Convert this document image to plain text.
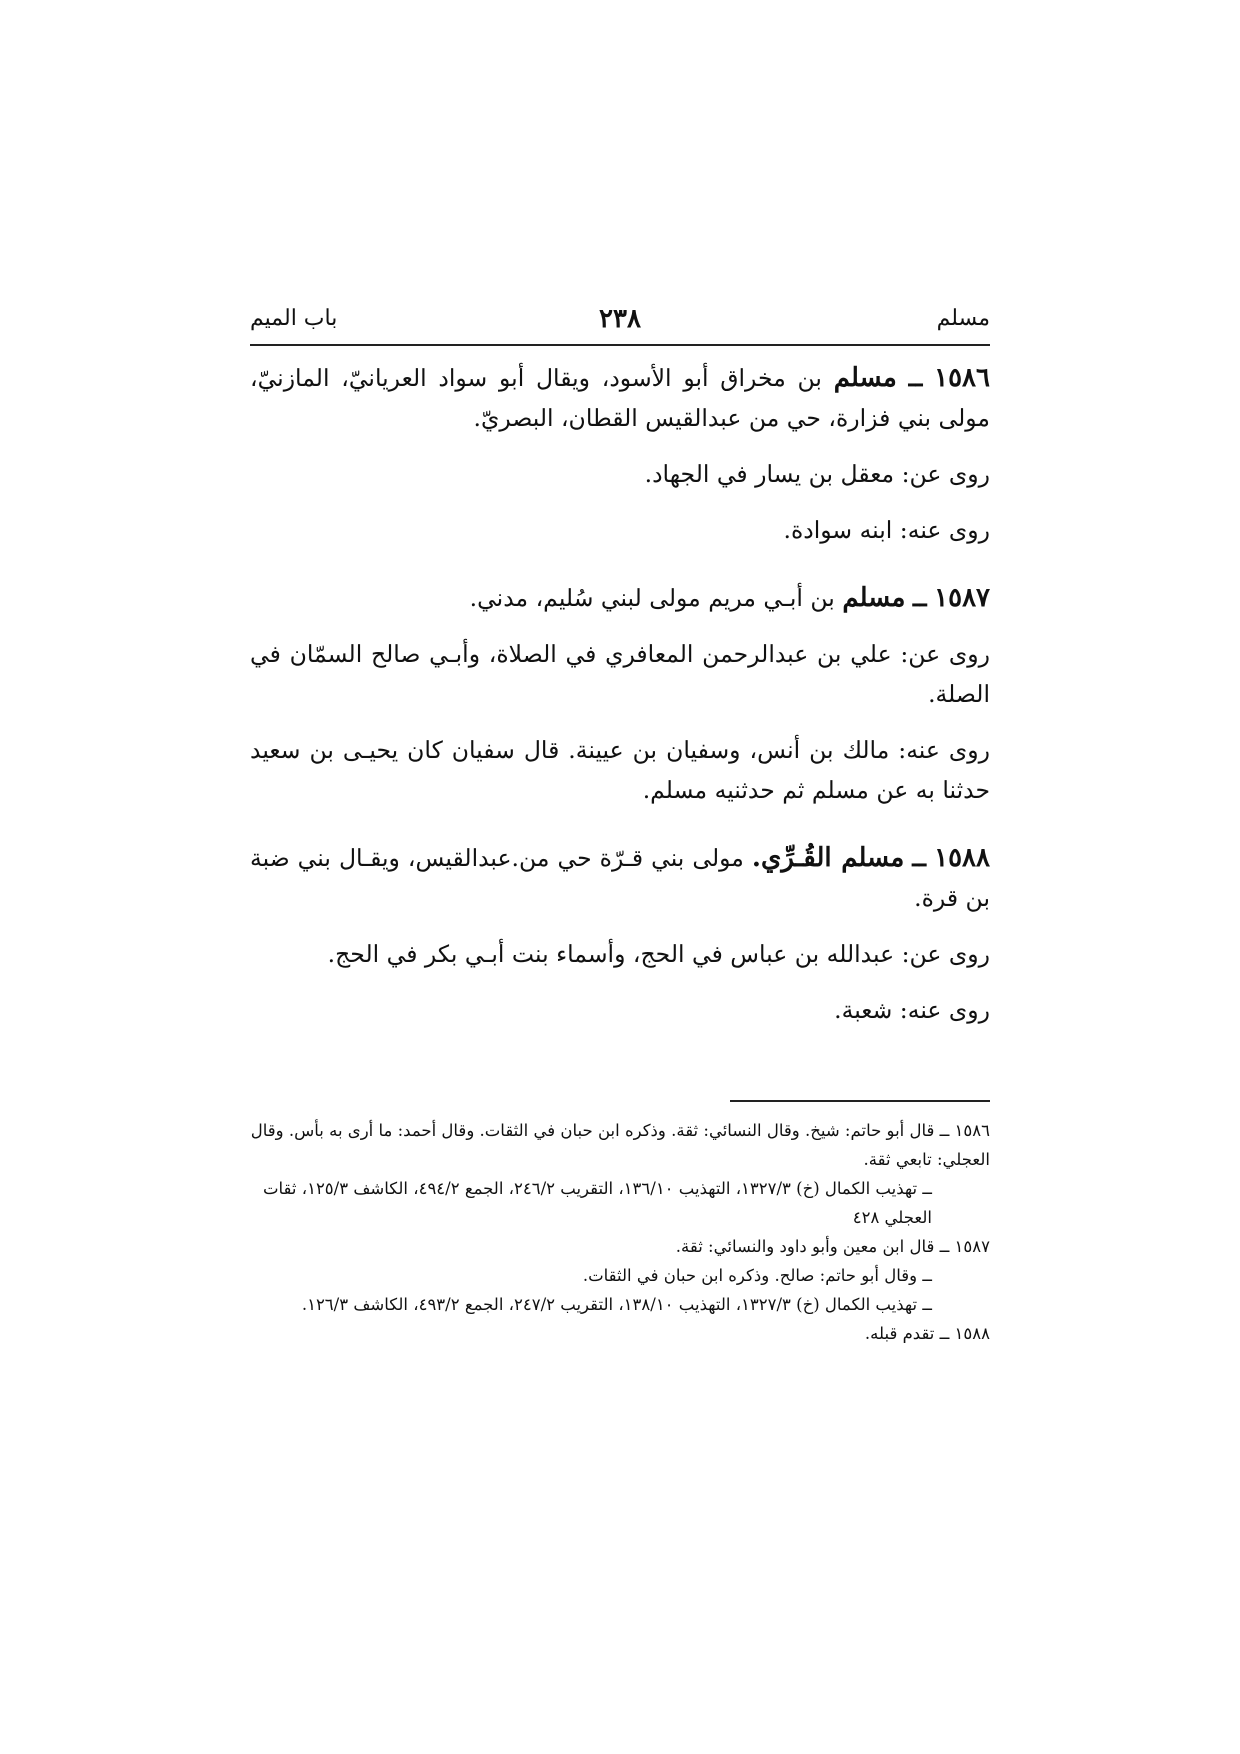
مسلم
٢٣٨
باب الميم

١٥٨٦ ــ مسلم بن مخراق أبو الأسود، ويقال أبو سواد العريانيّ، المازنيّ، مولى بني فزارة، حي من عبدالقيس القطان، البصريّ.

روى عن: معقل بن يسار في الجهاد.

روى عنه: ابنه سوادة.

١٥٨٧ ــ مسلم بن أبـي مريم مولى لبني سُليم، مدني.

روى عن: علي بن عبدالرحمن المعافري في الصلاة، وأبـي صالح السمّان في الصلة.

روى عنه: مالك بن أنس، وسفيان بن عيينة. قال سفيان كان يحيـى بن سعيد حدثنا به عن مسلم ثم حدثنيه مسلم.

١٥٨٨ ــ مسلم القُـرِّي. مولى بني قـرّة حي من.عبدالقيس، ويقـال بني ضبة بن قرة.

روى عن: عبدالله بن عباس في الحج، وأسماء بنت أبـي بكر في الحج.

روى عنه: شعبة.

١٥٨٦ ــ قال أبو حاتم: شيخ. وقال النسائي: ثقة. وذكره ابن حبان في الثقات. وقال أحمد: ما أرى به بأس. وقال العجلي: تابعي ثقة.

ــ تهذيب الكمال (خ) ١٣٢٧/٣، التهذيب ١٣٦/١٠، التقريب ٢٤٦/٢، الجمع ٤٩٤/٢، الكاشف ١٢٥/٣، ثقات العجلي ٤٢٨

١٥٨٧ ــ قال ابن معين وأبو داود والنسائي: ثقة.

ــ وقال أبو حاتم: صالح. وذكره ابن حبان في الثقات.

ــ تهذيب الكمال (خ) ١٣٢٧/٣، التهذيب ١٣٨/١٠، التقريب ٢٤٧/٢، الجمع ٤٩٣/٢، الكاشف ١٢٦/٣.

١٥٨٨ ــ تقدم قبله.
